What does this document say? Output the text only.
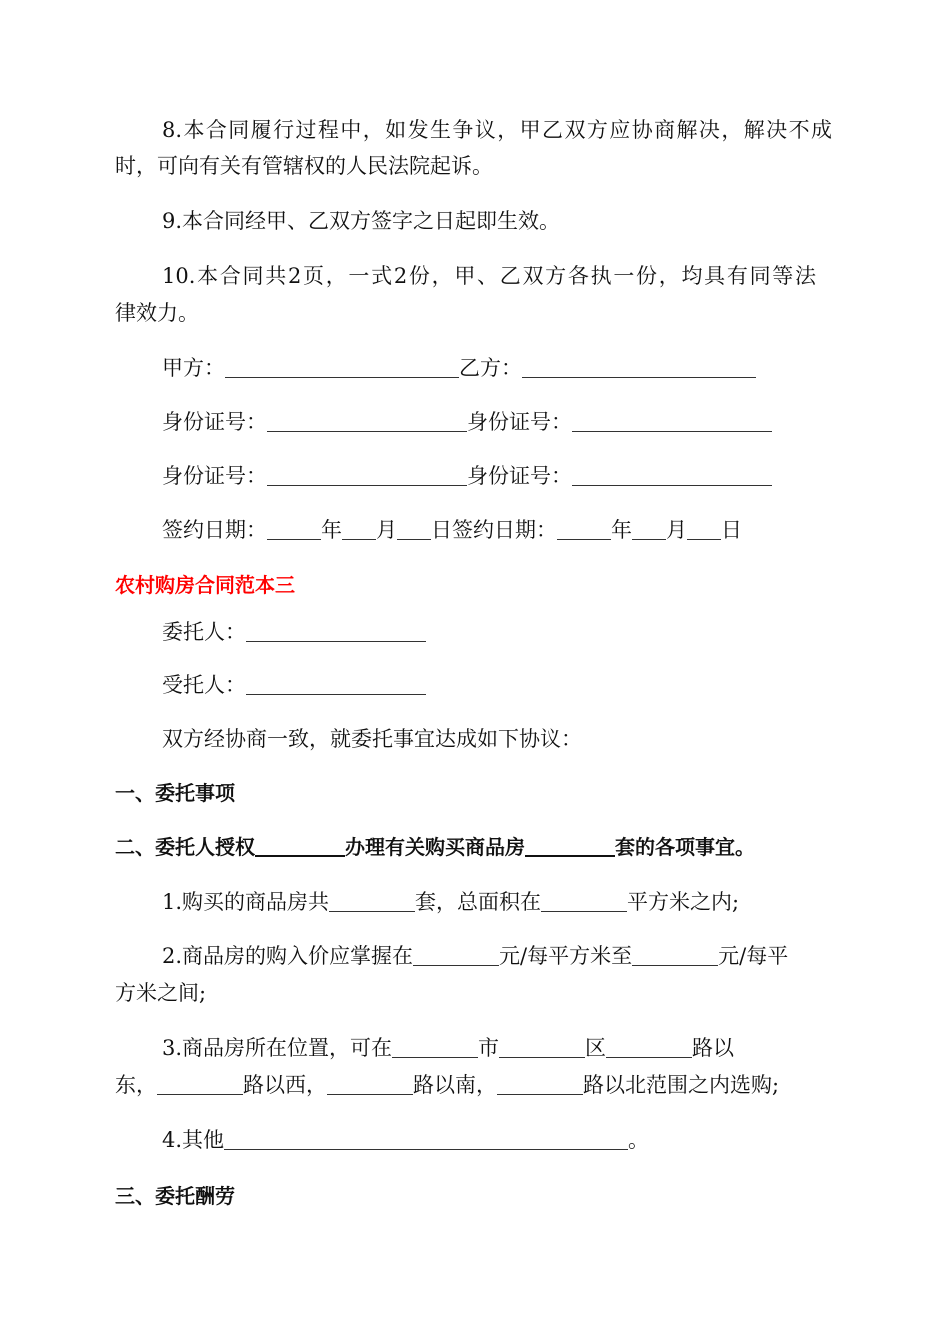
8.本合同履行过程中，如发生争议，甲乙双方应协商解决，解决不成
时，可向有关有管辖权的人民法院起诉。
9.本合同经甲、乙双方签字之日起即生效。
10.本合同共2页，一式2份，甲、乙双方各执一份，均具有同等法
律效力。
甲方：	乙方：
身份证号：	身份证号：
身份证号：	身份证号：
签约日期：	年 月 日签约日期：	年 月 日
农村购房合同范本三
委托人：
受托人：
双方经协商一致，就委托事宜达成如下协议：
一、委托事项
二、委托人授权	办理有关购买商品房	套的各项事宜。
1.购买的商品房共	套，总面积在	平方米之内;
2.商品房的购入价应掌握在	元/每平方米至	元/每平
方米之间;
3.商品房所在位置，可在	市	区	路以
东，	路以西，	路以南，	路以北范围之内选购;
4.其他	。
三、委托酬劳
